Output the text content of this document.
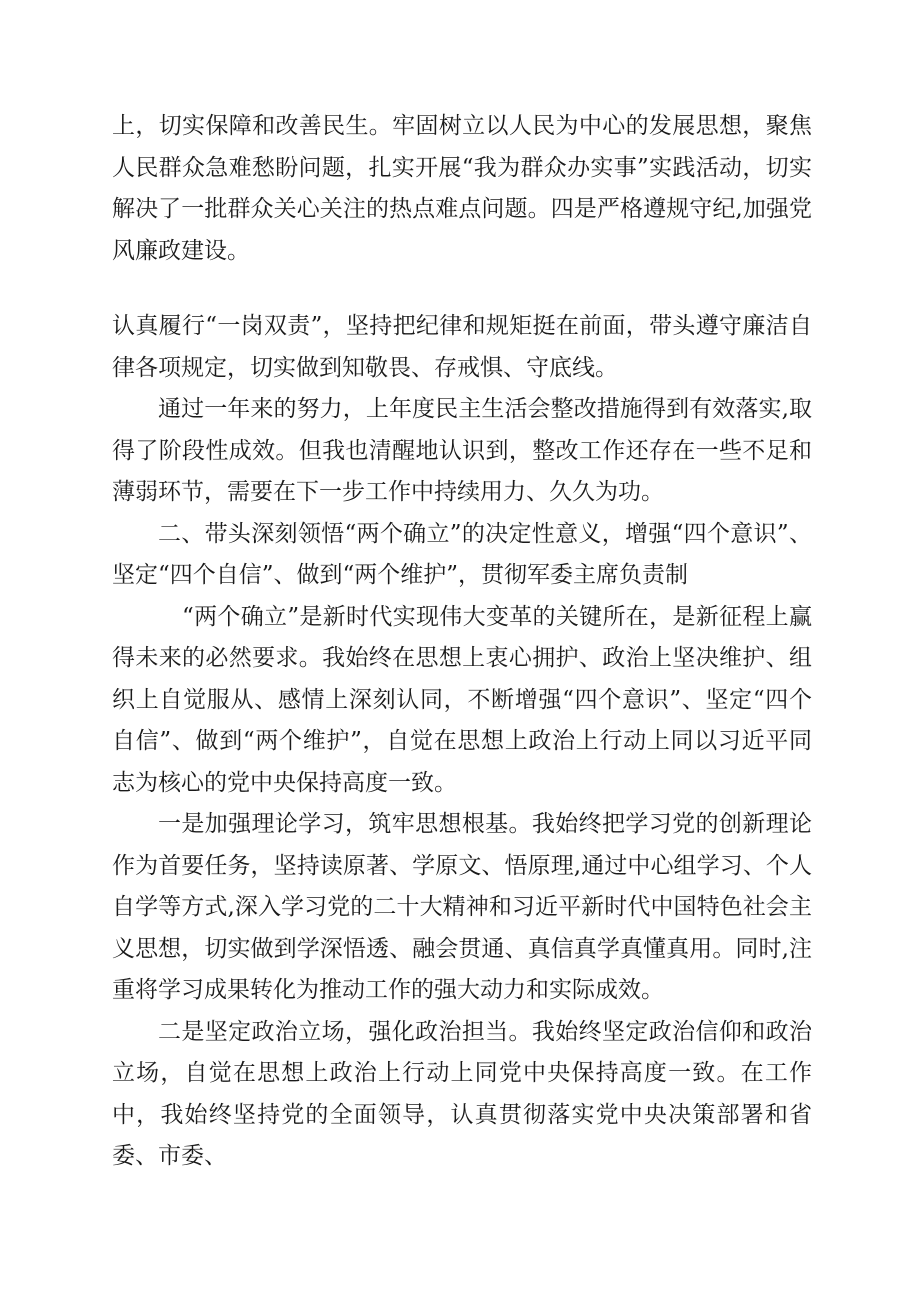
上，切实保障和改善民生。牢固树立以人民为中心的发展思想，聚焦人民群众急难愁盼问题，扎实开展“我为群众办实事”实践活动，切实解决了一批群众关心关注的热点难点问题。四是严格遵规守纪,加强党风廉政建设。

认真履行“一岗双责”，坚持把纪律和规矩挺在前面，带头遵守廉洁自律各项规定，切实做到知敬畏、存戒惧、守底线。

通过一年来的努力，上年度民主生活会整改措施得到有效落实,取得了阶段性成效。但我也清醒地认识到，整改工作还存在一些不足和薄弱环节，需要在下一步工作中持续用力、久久为功。

二、带头深刻领悟“两个确立”的决定性意义，增强“四个意识”、坚定“四个自信”、做到“两个维护”，贯彻军委主席负责制

“两个确立”是新时代实现伟大变革的关键所在，是新征程上赢得未来的必然要求。我始终在思想上衷心拥护、政治上坚决维护、组织上自觉服从、感情上深刻认同，不断增强“四个意识”、坚定“四个自信”、做到“两个维护”，自觉在思想上政治上行动上同以习近平同志为核心的党中央保持高度一致。

一是加强理论学习，筑牢思想根基。我始终把学习党的创新理论作为首要任务，坚持读原著、学原文、悟原理,通过中心组学习、个人自学等方式,深入学习党的二十大精神和习近平新时代中国特色社会主义思想，切实做到学深悟透、融会贯通、真信真学真懂真用。同时,注重将学习成果转化为推动工作的强大动力和实际成效。

二是坚定政治立场，强化政治担当。我始终坚定政治信仰和政治立场，自觉在思想上政治上行动上同党中央保持高度一致。在工作中，我始终坚持党的全面领导，认真贯彻落实党中央决策部署和省委、市委、
